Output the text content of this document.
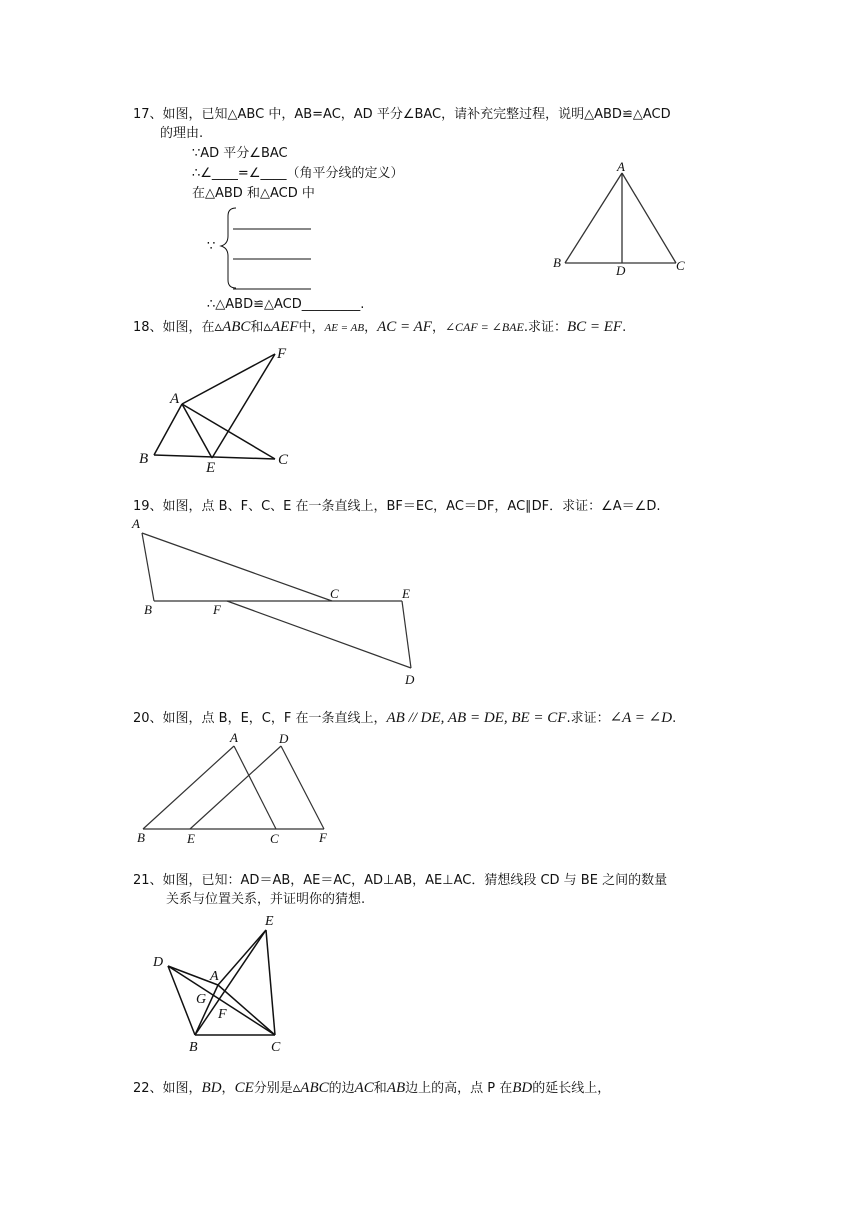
17、如图，已知△ABC 中，AB=AC，AD 平分∠BAC，请补充完整过程，说明△ABD≌△ACD
的理由.
∵AD 平分∠BAC
∴∠____=∠____（角平分线的定义）
在△ABD 和△ACD 中
∵
∴△ABD≌△ACD_________.
A
B
D	C
18、如图，在▵ABC和▵AEF中，AE = AB，AC = AF，∠CAF = ∠BAE.求证：BC = EF.
A
B
E	C
F
19、如图，点 B、F、C、E 在一条直线上，BF＝EC，AC＝DF，AC∥DF．求证：∠A＝∠D.
A
B	F
C	E
D
20、如图，点 B，E，C，F 在一条直线上，AB // DE, AB = DE, BE = CF.求证：∠A = ∠D.
A	D
B	E	C	F
21、如图，已知：AD＝AB，AE＝AC，AD⊥AB，AE⊥AC．猜想线段 CD 与 BE 之间的数量
关系与位置关系，并证明你的猜想.
D
A
E
G
F
B	C
22、如图，BD，CE分别是▵ABC的边AC和AB边上的高，点 P 在BD的延长线上，
